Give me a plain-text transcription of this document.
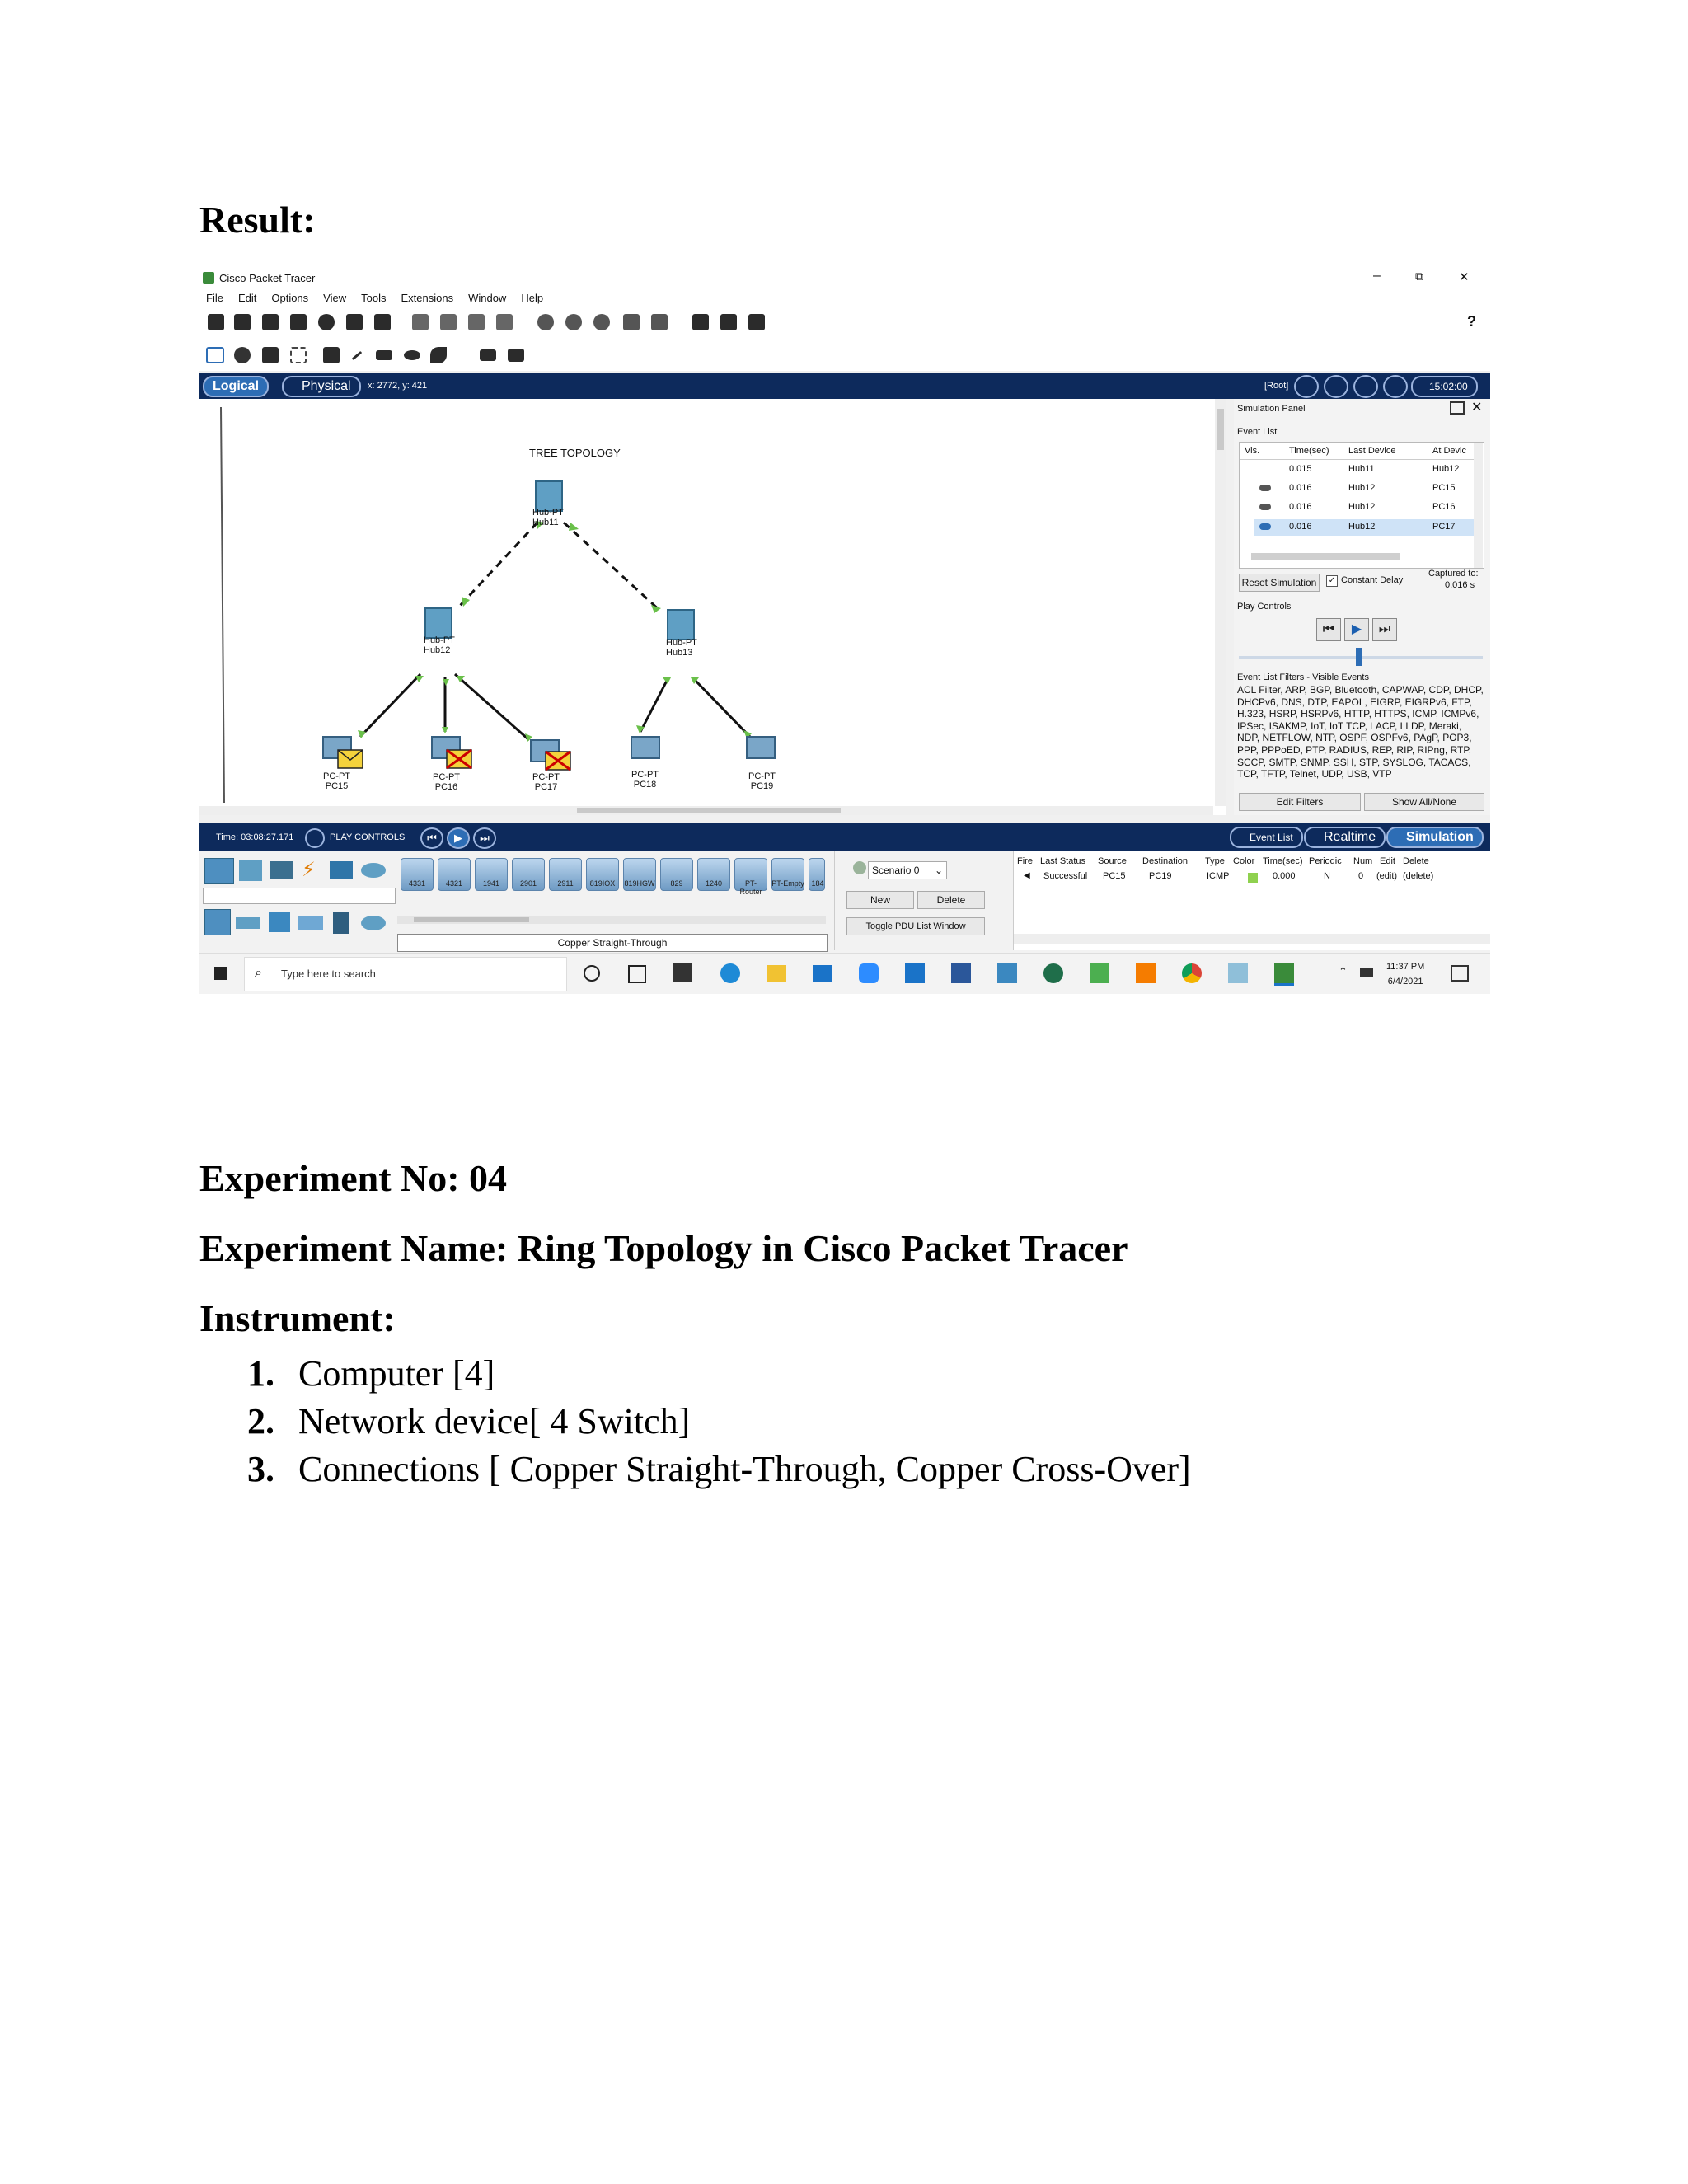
Result:
Cisco Packet Tracer	–	⧉	✕
File Edit Options View Tools Extensions Window Help
?
Logical	Physical	x: 2772, y: 421	[Root]	15:02:00
TREE TOPOLOGY
Hub-PT
Hub11
Hub-PT
Hub12
Hub-PT
Hub13
PC-PT
PC15
PC-PT
PC16
PC-PT
PC17
PC-PT
PC18
PC-PT
PC19
Simulation Panel	✕
Event List
Vis.	Time(sec) Last Device	At Devic
0.015	Hub11	Hub12
0.016	Hub12	PC15
0.016	Hub12	PC16
0.016	Hub12	PC17
Reset Simulation	✓ Constant Delay
Captured to:
0.016 s
Play Controls
⏮	▶	⏭
Event List Filters - Visible Events
ACL Filter, ARP, BGP, Bluetooth, CAPWAP, CDP, DHCP, DHCPv6, DNS, DTP, EAPOL, EIGRP, EIGRPv6, FTP, H.323, HSRP, HSRPv6, HTTP, HTTPS, ICMP, ICMPv6, IPSec, ISAKMP, IoT, IoT TCP, LACP, LLDP, Meraki, NDP, NETFLOW, NTP, OSPF, OSPFv6, PAgP, POP3, PPP, PPPoED, PTP, RADIUS, REP, RIP, RIPng, RTP, SCCP, SMTP, SNMP, SSH, STP, SYSLOG, TACACS, TCP, TFTP, Telnet, UDP, USB, VTP
Edit Filters	Show All/None
Time: 03:08:27.171	PLAY CONTROLS	⏮	▶	⏭	Event List	Realtime	Simulation
⚡
4331	4321	1941	2901	2911	819IOX	819HGW	829	1240	PT-Router
PT-Empty 184
Copper Straight-Through
Scenario 0 ⌄
New	Delete
Toggle PDU List Window
Fire Last Status Source Destination Type Color Time(sec) Periodic Num Edit Delete
◀ Successful PC15	PC19	ICMP	0.000	N	0 (edit) (delete)
⌕ Type here to search	⌃	11:37 PM
6/4/2021
Experiment No: 04
Experiment Name: Ring Topology in Cisco Packet Tracer
Instrument:
1. Computer [4]
2. Network device[ 4 Switch]
3. Connections [ Copper Straight-Through, Copper Cross-Over]
